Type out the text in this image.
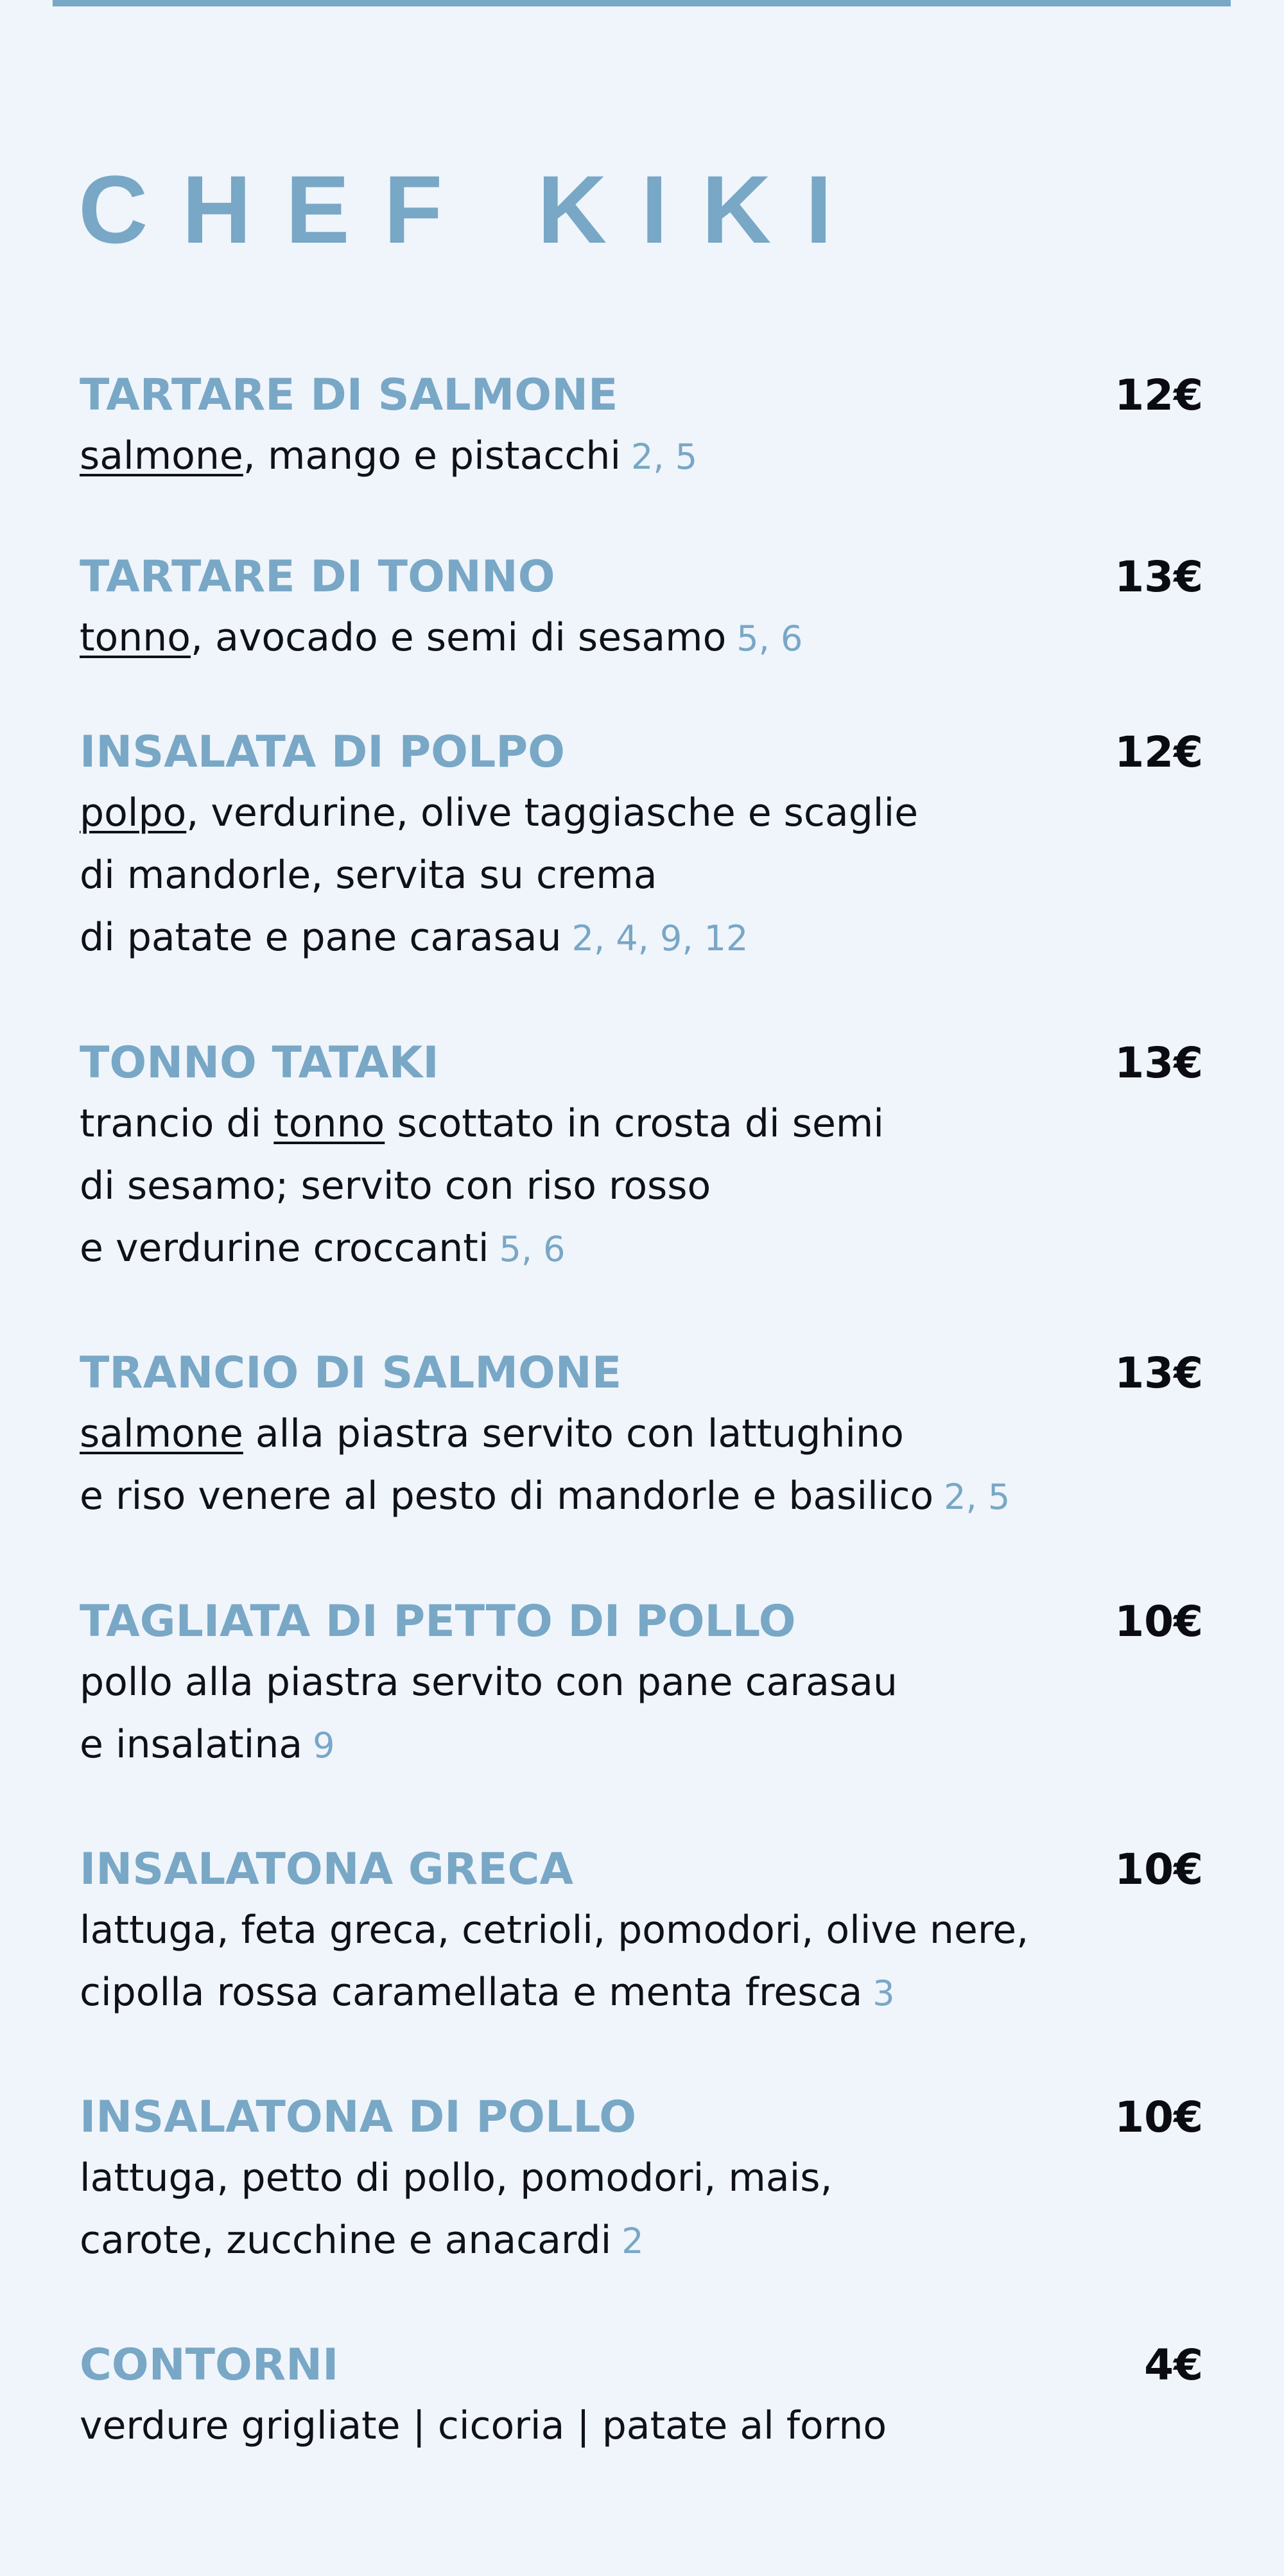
CHEF KIKI
TARTARE DI SALMONE	12€
salmone, mango e pistacchi 2, 5
TARTARE DI TONNO	13€
tonno, avocado e semi di sesamo 5, 6
INSALATA DI POLPO	12€
polpo, verdurine, olive taggiasche e scaglie
di mandorle, servita su crema
di patate e pane carasau 2, 4, 9, 12
TONNO TATAKI	13€
trancio di tonno scottato in crosta di semi
di sesamo; servito con riso rosso
e verdurine croccanti 5, 6
TRANCIO DI SALMONE	13€
salmone alla piastra servito con lattughino
e riso venere al pesto di mandorle e basilico 2, 5
TAGLIATA DI PETTO DI POLLO	10€
pollo alla piastra servito con pane carasau
e insalatina 9
INSALATONA GRECA	10€
lattuga, feta greca, cetrioli, pomodori, olive nere,
cipolla rossa caramellata e menta fresca 3
INSALATONA DI POLLO	10€
lattuga, petto di pollo, pomodori, mais,
carote, zucchine e anacardi 2
CONTORNI	4€
verdure grigliate | cicoria | patate al forno
